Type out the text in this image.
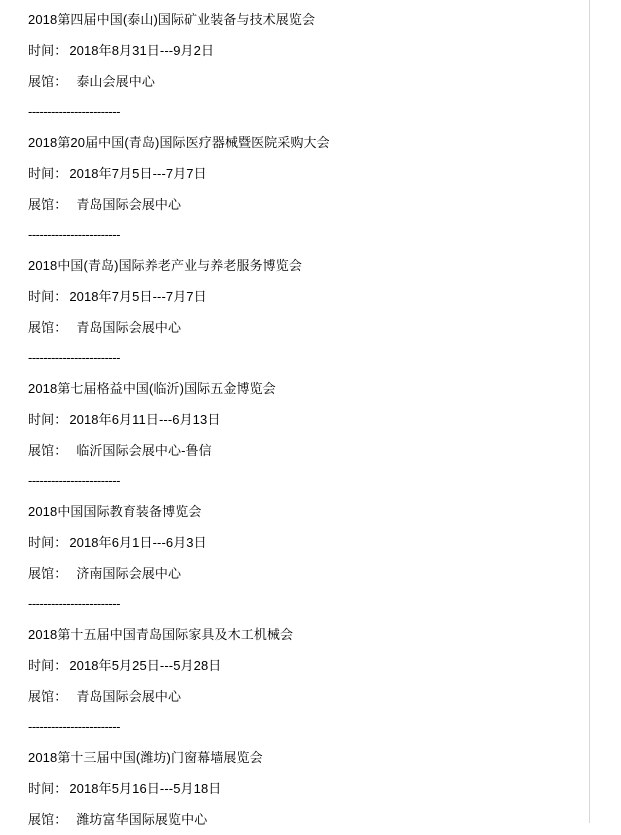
2018第四届中国(泰山)国际矿业装备与技术展览会
时间： 2018年8月31日---9月2日
展馆： 泰山会展中心
------------------------
2018第20届中国(青岛)国际医疗器械暨医院采购大会
时间： 2018年7月5日---7月7日
展馆： 青岛国际会展中心
------------------------
2018中国(青岛)国际养老产业与养老服务博览会
时间： 2018年7月5日---7月7日
展馆： 青岛国际会展中心
------------------------
2018第七届格益中国(临沂)国际五金博览会
时间： 2018年6月11日---6月13日
展馆： 临沂国际会展中心-鲁信
------------------------
2018中国国际教育装备博览会
时间： 2018年6月1日---6月3日
展馆： 济南国际会展中心
------------------------
2018第十五届中国青岛国际家具及木工机械会
时间： 2018年5月25日---5月28日
展馆： 青岛国际会展中心
------------------------
2018第十三届中国(潍坊)门窗幕墙展览会
时间： 2018年5月16日---5月18日
展馆： 潍坊富华国际展览中心
